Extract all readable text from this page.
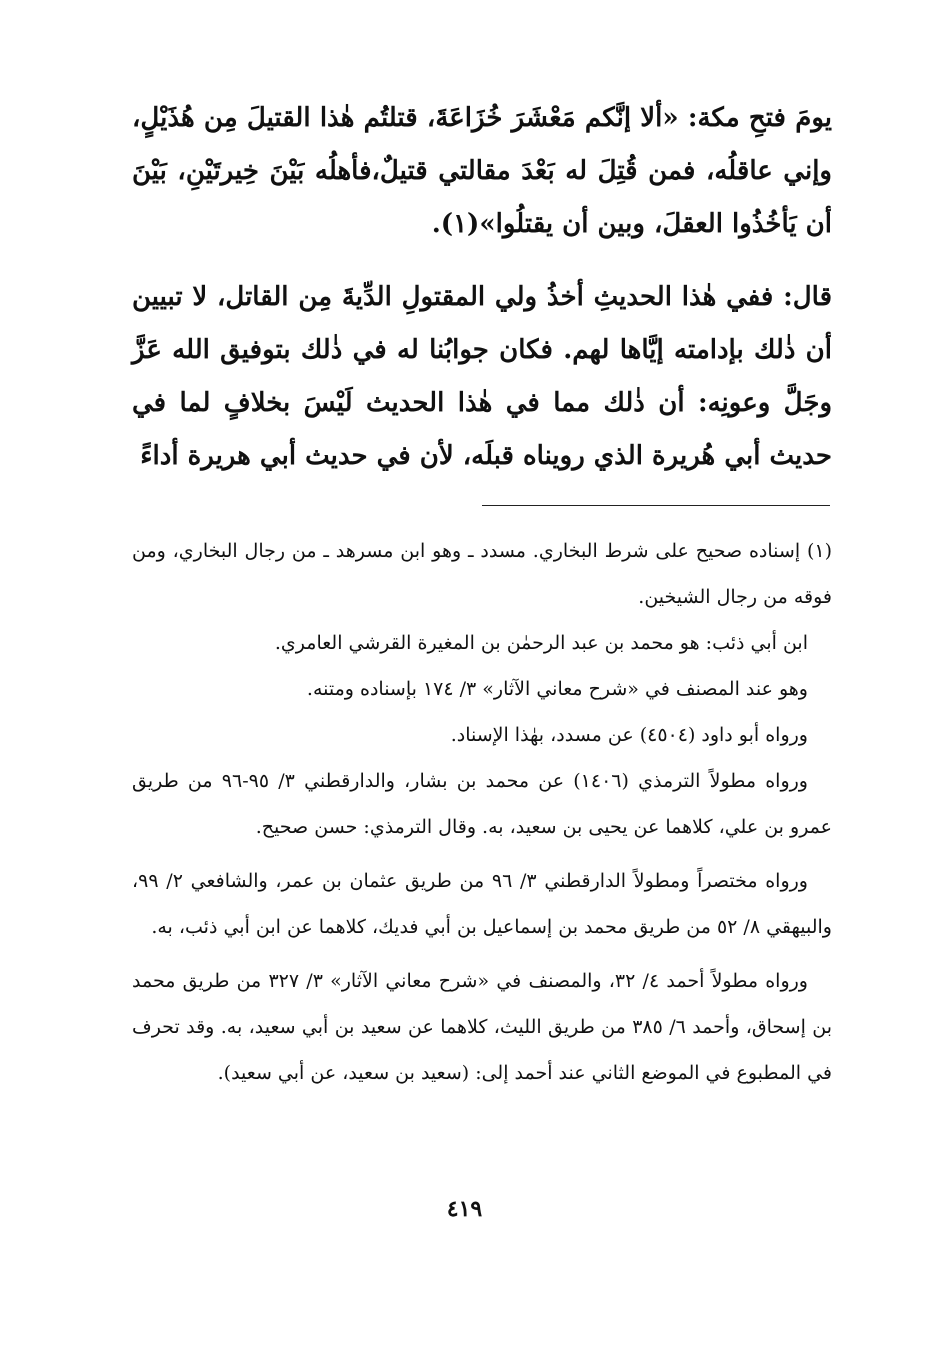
يومَ فتحِ مكة: «ألا إنَّكم مَعْشَرَ خُزَاعَةَ، قتلتُم هٰذا القتيلَ مِن هُذَيْلٍ، وإني عاقلُه، فمن قُتِلَ له بَعْدَ مقالتي قتيلٌ،فأهلُه بَيْنَ خِيرتَيْنِ، بَيْنَ أن يَأخُذُوا العقلَ، وبين أن يقتلُوا»(١).

قال: ففي هٰذا الحديثِ أخذُ ولي المقتولِ الدِّيةَ مِن القاتل، لا تبيين أن ذٰلك بإدامته إيَّاها لهم. فكان جوابُنا له في ذٰلك بتوفيق الله عَزَّ وجَلَّ وعونِه: أن ذٰلك مما في هٰذا الحديث لَيْسَ بخلافٍ لما في حديث أبي هُريرة الذي رويناه قبلَه، لأن في حديث أبي هريرة أداءً

(١) إسناده صحيح على شرط البخاري. مسدد ـ وهو ابن مسرهد ـ من رجال البخاري، ومن فوقه من رجال الشيخين.

ابن أبي ذئب: هو محمد بن عبد الرحمٰن بن المغيرة القرشي العامري.

وهو عند المصنف في «شرح معاني الآثار» ٣/ ١٧٤ بإسناده ومتنه.

ورواه أبو داود (٤٥٠٤) عن مسدد، بهٰذا الإسناد.

ورواه مطولاً الترمذي (١٤٠٦) عن محمد بن بشار، والدارقطني ٣/ ٩٥-٩٦ من طريق عمرو بن علي، كلاهما عن يحيى بن سعيد، به. وقال الترمذي: حسن صحيح.

ورواه مختصراً ومطولاً الدارقطني ٣/ ٩٦ من طريق عثمان بن عمر، والشافعي ٢/ ٩٩، والبيهقي ٨/ ٥٢ من طريق محمد بن إسماعيل بن أبي فديك، كلاهما عن ابن أبي ذئب، به.

ورواه مطولاً أحمد ٤/ ٣٢، والمصنف في «شرح معاني الآثار» ٣/ ٣٢٧ من طريق محمد بن إسحاق، وأحمد ٦/ ٣٨٥ من طريق الليث، كلاهما عن سعيد بن أبي سعيد، به. وقد تحرف في المطبوع في الموضع الثاني عند أحمد إلى: (سعيد بن سعيد، عن أبي سعيد).

٤١٩
